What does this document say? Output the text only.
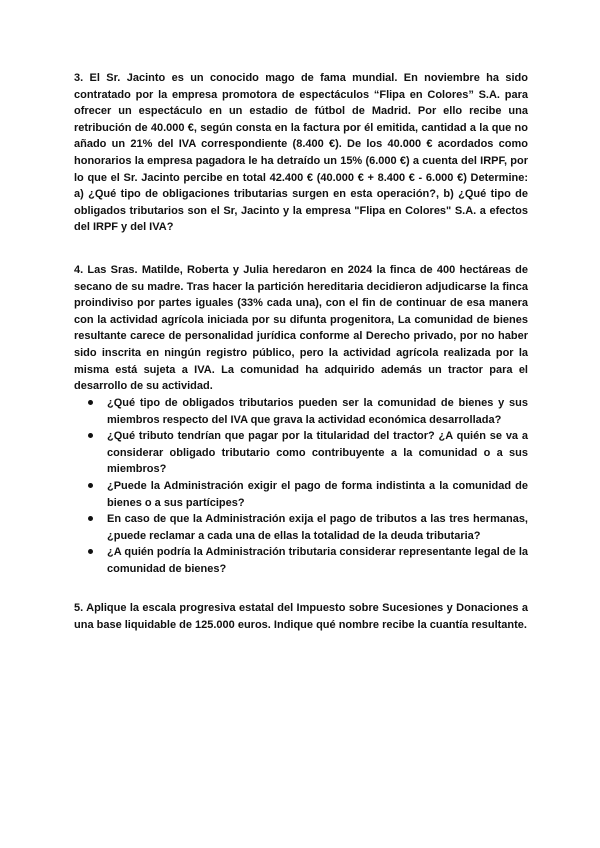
3. El Sr. Jacinto es un conocido mago de fama mundial. En noviembre ha sido contratado por la empresa promotora de espectáculos “Flipa en Colores” S.A. para ofrecer un espectáculo en un estadio de fútbol de Madrid. Por ello recibe una retribución de 40.000 €, según consta en la factura por él emitida, cantidad a la que no añado un 21% del IVA correspondiente (8.400 €). De los 40.000 € acordados como honorarios la empresa pagadora le ha detraído un 15% (6.000 €) a cuenta del IRPF, por lo que el Sr. Jacinto percibe en total 42.400 € (40.000 € + 8.400 € - 6.000 €) Determine: a) ¿Qué tipo de obligaciones tributarias surgen en esta operación?, b) ¿Qué tipo de obligados tributarios son el Sr, Jacinto y la empresa "Flipa en Colores" S.A. a efectos del IRPF y del IVA?

4. Las Sras. Matilde, Roberta y Julia heredaron en 2024 la finca de 400 hectáreas de secano de su madre. Tras hacer la partición hereditaria decidieron adjudicarse la finca proindiviso por partes iguales (33% cada una), con el fin de continuar de esa manera con la actividad agrícola iniciada por su difunta progenitora, La comunidad de bienes resultante carece de personalidad jurídica conforme al Derecho privado, por no haber sido inscrita en ningún registro público, pero la actividad agrícola realizada por la misma está sujeta a IVA. La comunidad ha adquirido además un tractor para el desarrollo de su actividad.

¿Qué tipo de obligados tributarios pueden ser la comunidad de bienes y sus miembros respecto del IVA que grava la actividad económica desarrollada?
¿Qué tributo tendrían que pagar por la titularidad del tractor? ¿A quién se va a considerar obligado tributario como contribuyente a la comunidad o a sus miembros?
¿Puede la Administración exigir el pago de forma indistinta a la comunidad de bienes o a sus partícipes?
En caso de que la Administración exija el pago de tributos a las tres hermanas, ¿puede reclamar a cada una de ellas la totalidad de la deuda tributaria?
¿A quién podría la Administración tributaria considerar representante legal de la comunidad de bienes?

5. Aplique la escala progresiva estatal del Impuesto sobre Sucesiones y Donaciones a una base liquidable de 125.000 euros. Indique qué nombre recibe la cuantía resultante.
